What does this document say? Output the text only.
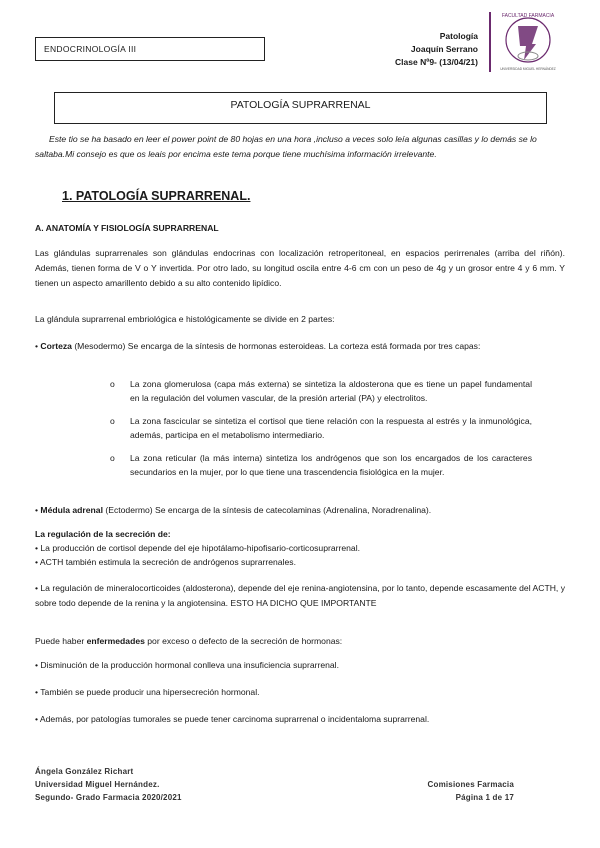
ENDOCRINOLOGÍA III
Patología
Joaquín Serrano
Clase Nº9- (13/04/21)
FACULTAD FARMACIA
UNIVERSIDAD MIGUEL HERNÁNDEZ
PATOLOGÍA SUPRARRENAL
Este tio se ha basado en leer el power point de 80 hojas en una hora ,incluso a veces solo leía algunas casillas y lo demás se lo saltaba.Mi consejo es que os leais por encima este tema porque tiene muchísima información irrelevante.
1. PATOLOGÍA SUPRARRENAL.
A. ANATOMÍA Y FISIOLOGÍA SUPRARRENAL
Las glándulas suprarrenales son glándulas endocrinas con localización retroperitoneal, en espacios perirrenales (arriba del riñón). Además, tienen forma de V o Y invertida. Por otro lado, su longitud oscila entre 4-6 cm con un peso de 4g y un grosor entre 4 y 6 mm. Y tienen un aspecto amarillento debido a su alto contenido lipídico.
La glándula suprarrenal embriológica e histológicamente se divide en 2 partes:
• Corteza (Mesodermo) Se encarga de la síntesis de hormonas esteroideas. La corteza está formada por tres capas:
o La zona glomerulosa (capa más externa) se sintetiza la aldosterona que es tiene un papel fundamental en la regulación del volumen vascular, de la presión arterial (PA) y electrolitos.
o La zona fascicular se sintetiza el cortisol que tiene relación con la respuesta al estrés y la inmunológica, además, participa en el metabolismo intermediario.
o La zona reticular (la más interna) sintetiza los andrógenos que son los encargados de los caracteres secundarios en la mujer, por lo que tiene una trascendencia fisiológica en la mujer.
• Médula adrenal (Ectodermo) Se encarga de la síntesis de catecolaminas (Adrenalina, Noradrenalina).
La regulación de la secreción de:
• La producción de cortisol depende del eje hipotálamo-hipofisario-corticosuprarrenal.
• ACTH también estimula la secreción de andrógenos suprarrenales.
• La regulación de mineralocorticoides (aldosterona), depende del eje renina-angiotensina, por lo tanto, depende escasamente del ACTH, y sobre todo depende de la renina y la angiotensina. ESTO HA DICHO QUE IMPORTANTE
Puede haber enfermedades por exceso o defecto de la secreción de hormonas:
• Disminución de la producción hormonal conlleva una insuficiencia suprarrenal.
• También se puede producir una hipersecreción hormonal.
• Además, por patologías tumorales se puede tener carcinoma suprarrenal o incidentaloma suprarrenal.
Ángela González Richart
Universidad Miguel Hernández.
Segundo- Grado Farmacia 2020/2021
Comisiones Farmacia
Página 1 de 17
